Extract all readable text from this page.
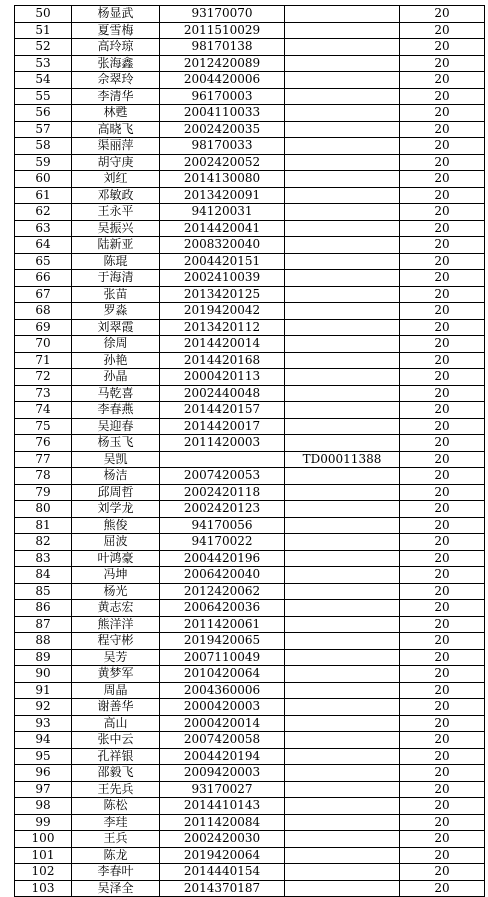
50	杨显武	93170070		20
51	夏雪梅	2011510029		20
52	高玲琼	98170138		20
53	张海鑫	2012420089		20
54	佘翠玲	2004420006		20
55	李清华	96170003		20
56	林甦	2004110033		20
57	高晓飞	2002420035		20
58	渠丽萍	98170033		20
59	胡守庚	2002420052		20
60	刘红	2014130080		20
61	邓敏政	2013420091		20
62	王永平	94120031		20
63	吴振兴	2014420041		20
64	陆新亚	2008320040		20
65	陈琨	2004420151		20
66	于海清	2002410039		20
67	张苗	2013420125		20
68	罗淼	2019420042		20
69	刘翠霞	2013420112		20
70	徐周	2014420014		20
71	孙艳	2014420168		20
72	孙晶	2000420113		20
73	马乾喜	2002440048		20
74	李春燕	2014420157		20
75	吴迎春	2014420017		20
76	杨玉飞	2011420003		20
77	吴凯		TD00011388	20
78	杨洁	2007420053		20
79	邱周哲	2002420118		20
80	刘学龙	2002420123		20
81	熊俊	94170056		20
82	屈波	94170022		20
83	叶鸿豪	2004420196		20
84	冯坤	2006420040		20
85	杨光	2012420062		20
86	黄志宏	2006420036		20
87	熊洋洋	2011420061		20
88	程守彬	2019420065		20
89	吴芳	2007110049		20
90	黄梦军	2010420064		20
91	周晶	2004360006		20
92	谢善华	2000420003		20
93	高山	2000420014		20
94	张中云	2007420058		20
95	孔祥银	2004420194		20
96	邵毅飞	2009420003		20
97	王先兵	93170027		20
98	陈松	2014410143		20
99	李珪	2011420084		20
100	王兵	2002420030		20
101	陈龙	2019420064		20
102	李春叶	2014440154		20
103	吴泽全	2014370187		20
